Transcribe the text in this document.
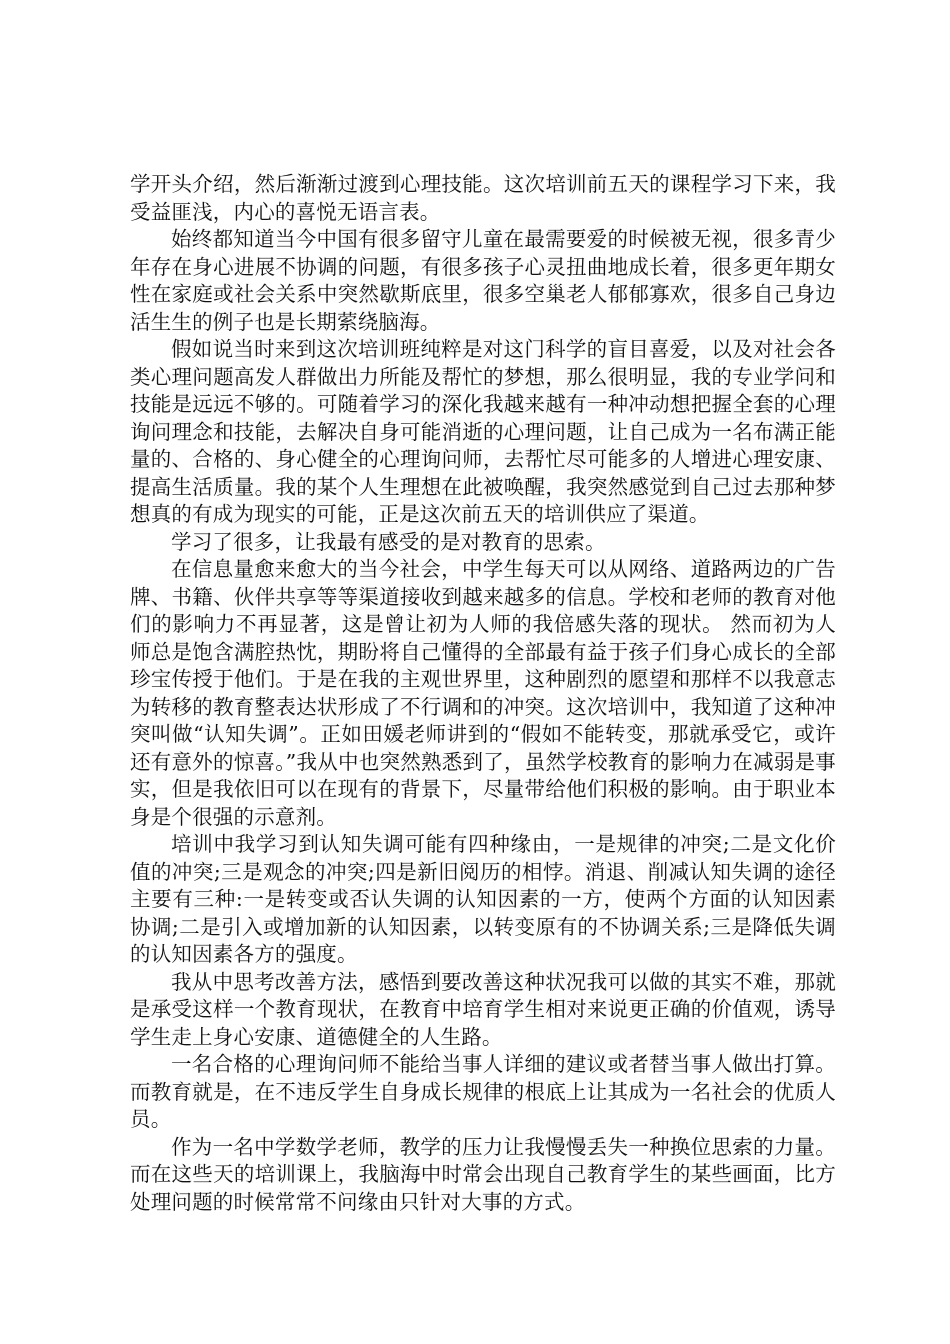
学开头介绍，然后渐渐过渡到心理技能。这次培训前五天的课程学习下来，我受益匪浅，内心的喜悦无语言表。

始终都知道当今中国有很多留守儿童在最需要爱的时候被无视，很多青少年存在身心进展不协调的问题，有很多孩子心灵扭曲地成长着，很多更年期女性在家庭或社会关系中突然歇斯底里，很多空巢老人郁郁寡欢，很多自己身边活生生的例子也是长期萦绕脑海。

假如说当时来到这次培训班纯粹是对这门科学的盲目喜爱，以及对社会各类心理问题高发人群做出力所能及帮忙的梦想，那么很明显，我的专业学问和技能是远远不够的。可随着学习的深化我越来越有一种冲动想把握全套的心理询问理念和技能，去解决自身可能消逝的心理问题，让自己成为一名布满正能量的、合格的、身心健全的心理询问师，去帮忙尽可能多的人增进心理安康、提高生活质量。我的某个人生理想在此被唤醒，我突然感觉到自己过去那种梦想真的有成为现实的可能，正是这次前五天的培训供应了渠道。

学习了很多，让我最有感受的是对教育的思索。

在信息量愈来愈大的当今社会，中学生每天可以从网络、道路两边的广告牌、书籍、伙伴共享等等渠道接收到越来越多的信息。学校和老师的教育对他们的影响力不再显著，这是曾让初为人师的我倍感失落的现状。 然而初为人师总是饱含满腔热忱，期盼将自己懂得的全部最有益于孩子们身心成长的全部珍宝传授于他们。于是在我的主观世界里，这种剧烈的愿望和那样不以我意志为转移的教育整表达状形成了不行调和的冲突。这次培训中，我知道了这种冲突叫做“认知失调”。正如田媛老师讲到的“假如不能转变，那就承受它，或许还有意外的惊喜。”我从中也突然熟悉到了，虽然学校教育的影响力在减弱是事实，但是我依旧可以在现有的背景下，尽量带给他们积极的影响。由于职业本身是个很强的示意剂。

培训中我学习到认知失调可能有四种缘由，一是规律的冲突;二是文化价值的冲突;三是观念的冲突;四是新旧阅历的相悖。消退、削减认知失调的途径主要有三种:一是转变或否认失调的认知因素的一方，使两个方面的认知因素协调;二是引入或增加新的认知因素，以转变原有的不协调关系;三是降低失调的认知因素各方的强度。

我从中思考改善方法，感悟到要改善这种状况我可以做的其实不难，那就是承受这样一个教育现状，在教育中培育学生相对来说更正确的价值观，诱导学生走上身心安康、道德健全的人生路。

一名合格的心理询问师不能给当事人详细的建议或者替当事人做出打算。而教育就是，在不违反学生自身成长规律的根底上让其成为一名社会的优质人员。

作为一名中学数学老师，教学的压力让我慢慢丢失一种换位思索的力量。而在这些天的培训课上，我脑海中时常会出现自己教育学生的某些画面，比方处理问题的时候常常不问缘由只针对大事的方式。
